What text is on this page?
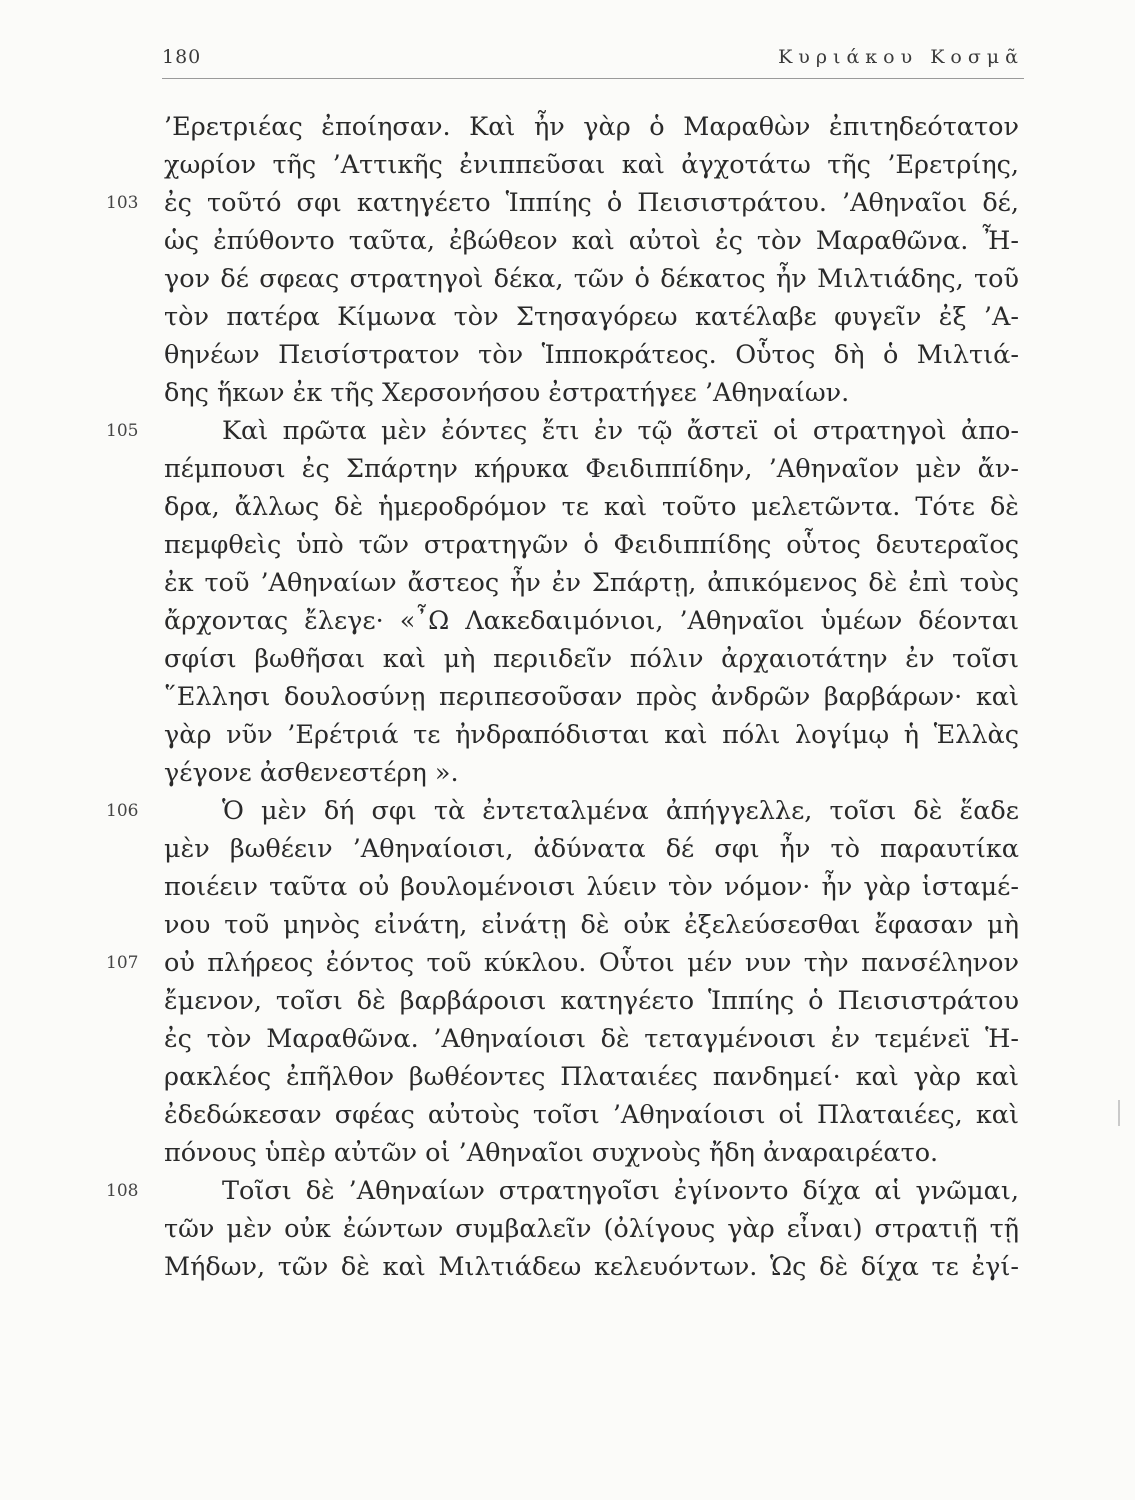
180	Κυριάκου Κοσμᾶ
’Ερετριέας ἐποίησαν. Καὶ ἦν γὰρ ὁ Μαραθὼν ἐπιτηδεότατον
χωρίον τῆς ’Αττικῆς ἐνιππεῦσαι καὶ ἀγχοτάτω τῆς ’Ερετρίης,
ἐς τοῦτό σφι κατηγέετο Ἱππίης ὁ Πεισιστράτου. ’Αθηναῖοι δέ,
103
ὡς ἐπύθοντο ταῦτα, ἐβώθεον καὶ αὐτοὶ ἐς τὸν Μαραθῶνα. Ἦ-
γον δέ σφεας στρατηγοὶ δέκα, τῶν ὁ δέκατος ἦν Μιλτιάδης, τοῦ
τὸν πατέρα Κίμωνα τὸν Στησαγόρεω κατέλαβε φυγεῖν ἐξ ’Α-
θηνέων Πεισίστρατον τὸν Ἱπποκράτεος. Οὗτος δὴ ὁ Μιλτιά-
δης ἥκων ἐκ τῆς Χερσονήσου ἐστρατήγεε ’Αθηναίων.
Καὶ πρῶτα μὲν ἐόντες ἔτι ἐν τῷ ἄστεϊ οἱ στρατηγοὶ ἀπο-
105
πέμπουσι ἐς Σπάρτην κήρυκα Φειδιππίδην, ’Αθηναῖον μὲν ἄν-
δρα, ἄλλως δὲ ἡμεροδρόμον τε καὶ τοῦτο μελετῶντα. Τότε δὲ
πεμφθεὶς ὑπὸ τῶν στρατηγῶν ὁ Φειδιππίδης οὗτος δευτεραῖος
ἐκ τοῦ ’Αθηναίων ἄστεος ἦν ἐν Σπάρτῃ, ἀπικόμενος δὲ ἐπὶ τοὺς
ἄρχοντας ἔλεγε· «῏Ω Λακεδαιμόνιοι, ’Αθηναῖοι ὑμέων δέονται
σφίσι βωθῆσαι καὶ μὴ περιιδεῖν πόλιν ἀρχαιοτάτην ἐν τοῖσι
῞Ελλησι δουλοσύνῃ περιπεσοῦσαν πρὸς ἀνδρῶν βαρβάρων· καὶ
γὰρ νῦν ’Ερέτριά τε ἠνδραπόδισται καὶ πόλι λογίμῳ ἡ Ἑλλὰς
γέγονε ἀσθενεστέρη ».
Ὁ μὲν δή σφι τὰ ἐντεταλμένα ἀπήγγελλε, τοῖσι δὲ ἕαδε
106
μὲν βωθέειν ’Αθηναίοισι, ἀδύνατα δέ σφι ἦν τὸ παραυτίκα
ποιέειν ταῦτα οὐ βουλομένοισι λύειν τὸν νόμον· ἦν γὰρ ἱσταμέ-
νου τοῦ μηνὸς εἰνάτη, εἰνάτῃ δὲ οὐκ ἐξελεύσεσθαι ἔφασαν μὴ
οὐ πλήρεος ἐόντος τοῦ κύκλου. Οὗτοι μέν νυν τὴν πανσέληνον
107
ἔμενον, τοῖσι δὲ βαρβάροισι κατηγέετο Ἱππίης ὁ Πεισιστράτου
ἐς τὸν Μαραθῶνα. ’Αθηναίοισι δὲ τεταγμένοισι ἐν τεμένεϊ Ἡ-
ρακλέος ἐπῆλθον βωθέοντες Πλαταιέες πανδημεί· καὶ γὰρ καὶ
ἐδεδώκεσαν σφέας αὐτοὺς τοῖσι ’Αθηναίοισι οἱ Πλαταιέες, καὶ
πόνους ὑπὲρ αὐτῶν οἱ ’Αθηναῖοι συχνοὺς ἤδη ἀναραιρέατο.
Τοῖσι δὲ ’Αθηναίων στρατηγοῖσι ἐγίνοντο δίχα αἱ γνῶμαι,
108
τῶν μὲν οὐκ ἐώντων συμβαλεῖν (ὀλίγους γὰρ εἶναι) στρατιῇ τῇ
Μήδων, τῶν δὲ καὶ Μιλτιάδεω κελευόντων. Ὡς δὲ δίχα τε ἐγί-
